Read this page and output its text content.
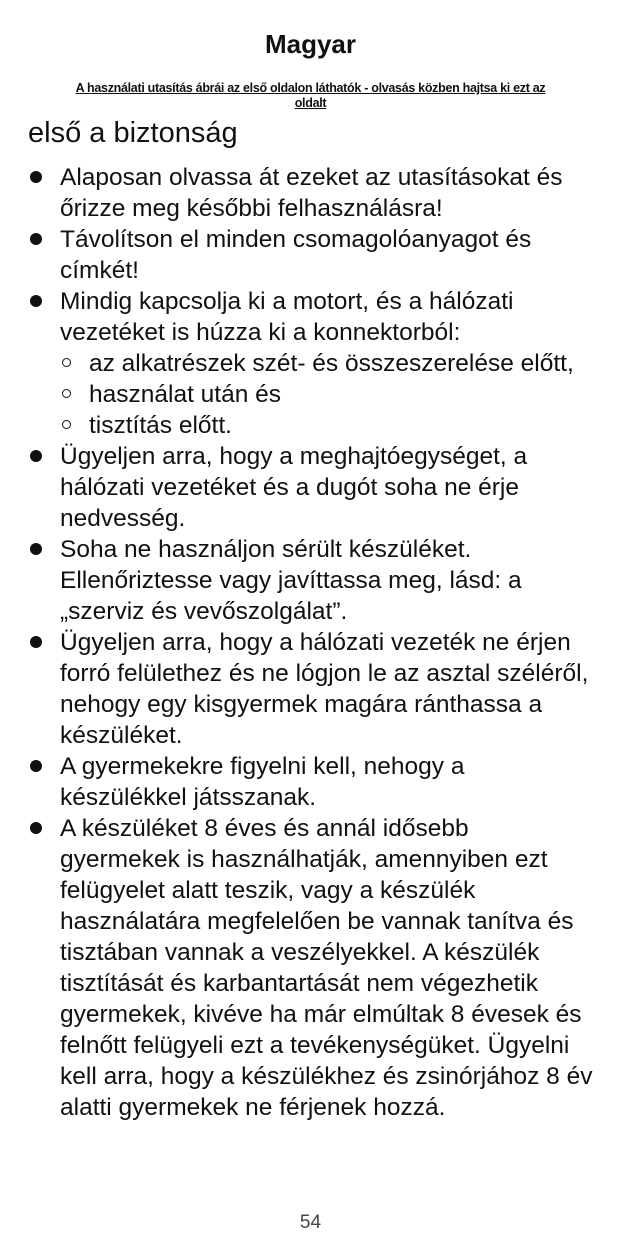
Magyar
A használati utasítás ábrái az első oldalon láthatók - olvasás közben hajtsa ki ezt az
oldalt
első a biztonság
Alaposan olvassa át ezeket az utasításokat és őrizze meg későbbi felhasználásra!
Távolítson el minden csomagolóanyagot és címkét!
Mindig kapcsolja ki a motort, és a hálózati vezetéket is húzza ki a konnektorból:
az alkatrészek szét- és összeszerelése előtt,
használat után és
tisztítás előtt.
Ügyeljen arra, hogy a meghajtóegységet, a hálózati vezetéket és a dugót soha ne érje nedvesség.
Soha ne használjon sérült készüléket. Ellenőriztesse vagy javíttassa meg, lásd: a „szerviz és vevőszolgálat”.
Ügyeljen arra, hogy a hálózati vezeték ne érjen forró felülethez és ne lógjon le az asztal széléről, nehogy egy kisgyermek magára ránthassa a készüléket.
A gyermekekre figyelni kell, nehogy a készülékkel játsszanak.
A készüléket 8 éves és annál idősebb gyermekek is használhatják, amennyiben ezt felügyelet alatt teszik, vagy a készülék használatára megfelelően be vannak tanítva és tisztában vannak a veszélyekkel. A készülék tisztítását és karbantartását nem végezhetik gyermekek, kivéve ha már elmúltak 8 évesek és felnőtt felügyeli ezt a tevékenységüket. Ügyelni kell arra, hogy a készülékhez és zsinórjához 8 év alatti gyermekek ne férjenek hozzá.
54
